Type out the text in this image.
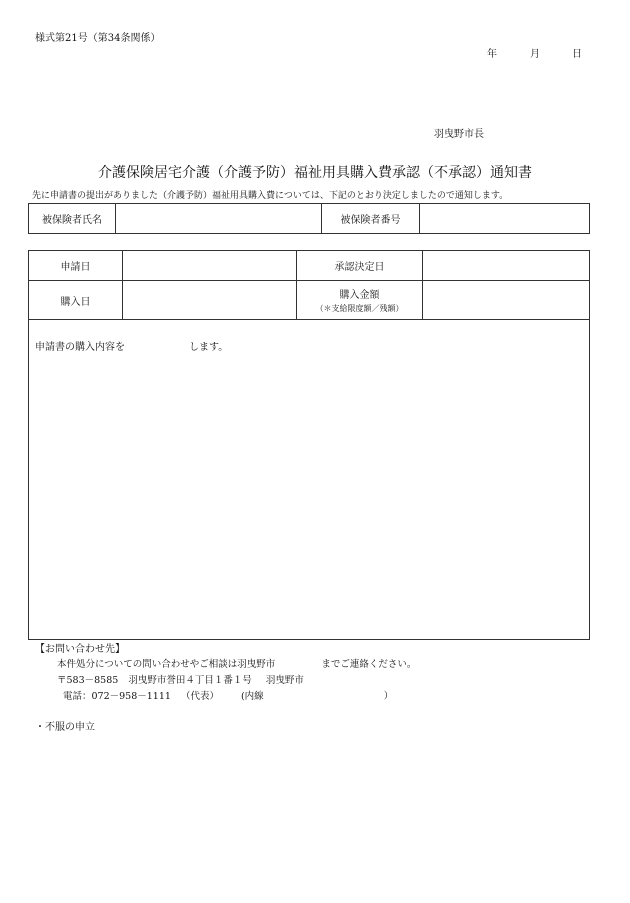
様式第21号（第34条関係）
年	月	日
羽曳野市長
介護保険居宅介護（介護予防）福祉用具購入費承認（不承認）通知書
先に申請書の提出がありました（介護予防）福祉用具購入費については、下記のとおり決定しましたので通知します。
被保険者氏名		被保険者番号	
申請日		承認決定日	
購入日		購入金額
（＊支給限度額／残額）	

申請書の購入内容を します。			
【お問い合わせ先】
本件処分についての問い合わせやご相談は羽曳野市	までご連絡ください。
〒583－8585 羽曳野市誉田４丁目１番１号 羽曳野市
電話：072－958－1111 （代表） (内線	）
・不服の申立
